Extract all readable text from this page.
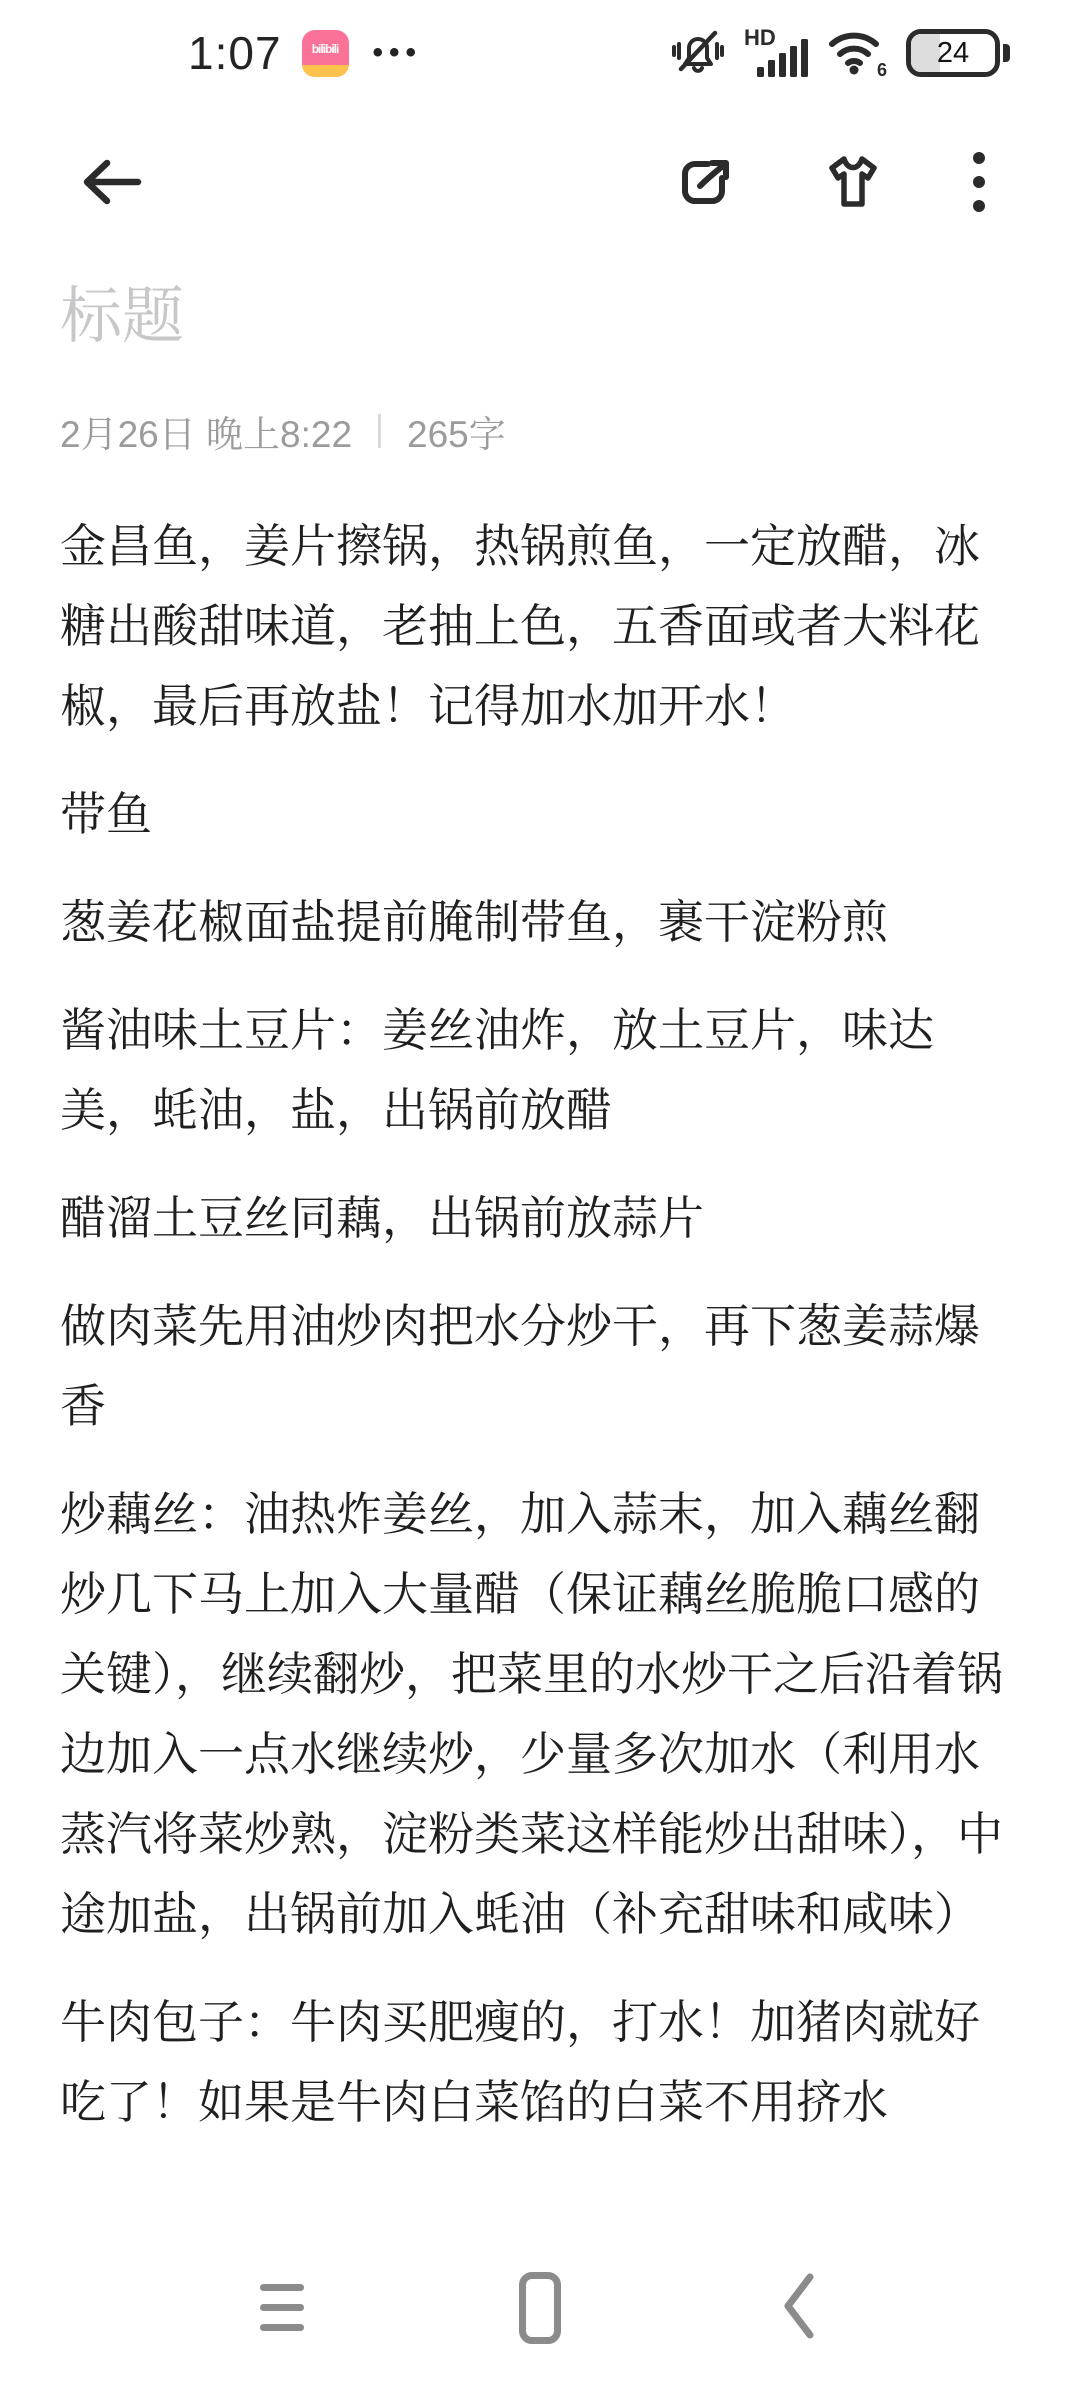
1:07	bilibili •••	HD
6
24
标题
2月26日 晚上8:22 265字

金昌鱼，姜片擦锅，热锅煎鱼，一定放醋，冰糖出酸甜味道，老抽上色，五香面或者大料花椒，最后再放盐！记得加水加开水！

带鱼

葱姜花椒面盐提前腌制带鱼，裹干淀粉煎

酱油味土豆片：姜丝油炸，放土豆片，味达美，蚝油，盐，出锅前放醋

醋溜土豆丝同藕，出锅前放蒜片

做肉菜先用油炒肉把水分炒干，再下葱姜蒜爆香

炒藕丝：油热炸姜丝，加入蒜末，加入藕丝翻炒几下马上加入大量醋（保证藕丝脆脆口感的关键），继续翻炒，把菜里的水炒干之后沿着锅边加入一点水继续炒，少量多次加水（利用水蒸汽将菜炒熟，淀粉类菜这样能炒出甜味），中途加盐，出锅前加入蚝油（补充甜味和咸味）

牛肉包子：牛肉买肥瘦的，打水！加猪肉就好吃了！如果是牛肉白菜馅的白菜不用挤水
